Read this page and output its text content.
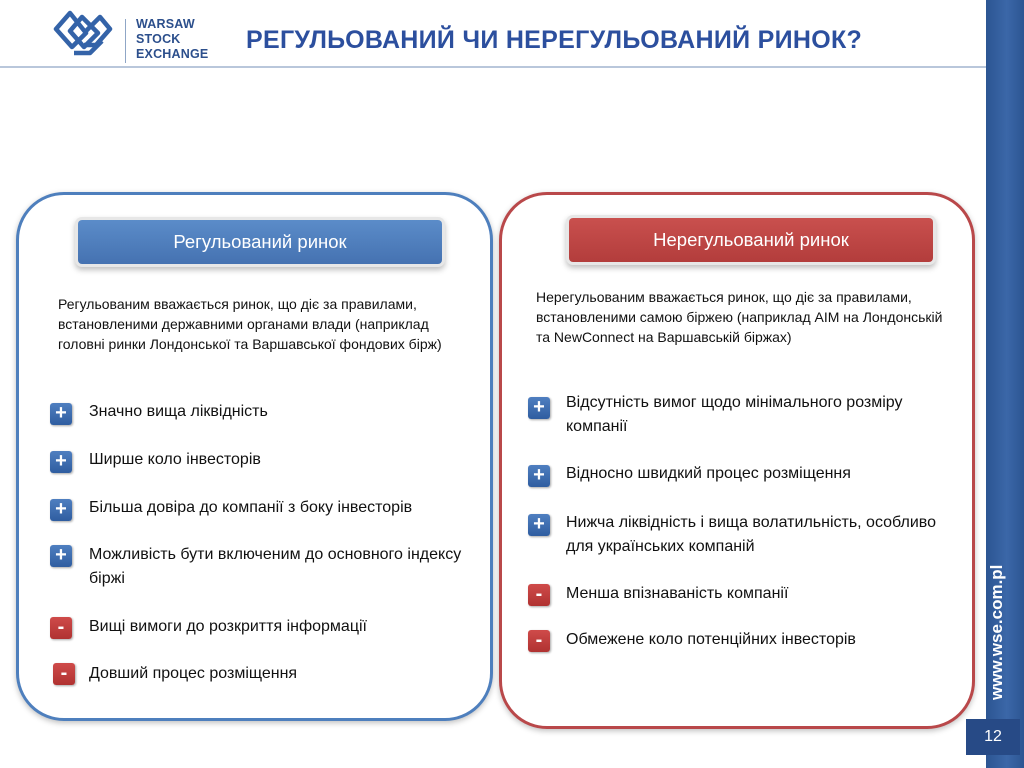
WARSAW
STOCK
EXCHANGE РЕГУЛЬОВАНИЙ ЧИ НЕРЕГУЛЬОВАНИЙ РИНОК?
12
Регульований ринок
Регульованим вважається ринок, що діє за правилами, встановленими державними органами влади (наприклад головні ринки Лондонської та Варшавської фондових бірж)
+	Значно вища ліквідність
+	Ширше коло інвесторів
+	Більша довіра до компанії з боку інвесторів
+	Можливість бути включеним до основного індексу біржі
-	Вищі вимоги до розкриття інформації
-	Довший процес розміщення
Нерегульований ринок
Нерегульованим вважається ринок, що діє за правилами, встановленими самою біржею (наприклад AIM на Лондонській та NewConnect на Варшавській біржах)
+	Відсутність вимог щодо мінімального розміру компанії
+	Відносно швидкий процес розміщення
+	Нижча ліквідність і вища волатильність, особливо для українських компаній
-	Менша впізнаваність компанії
-	Обмежене коло потенційних інвесторів
